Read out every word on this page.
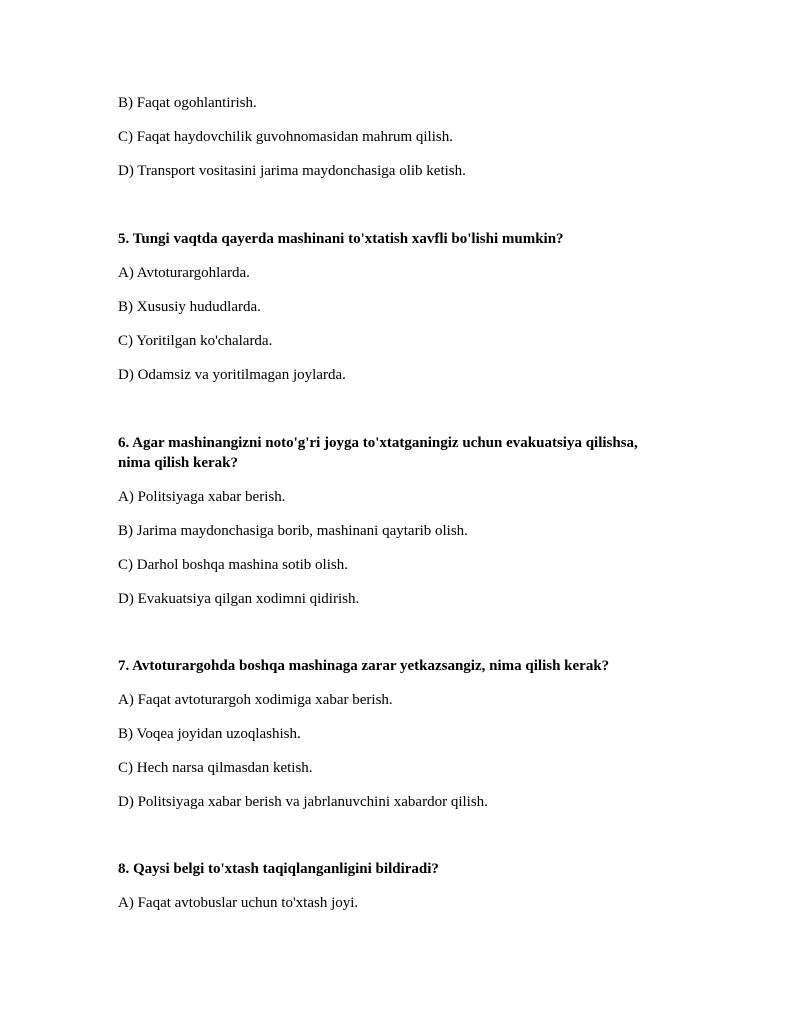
B) Faqat ogohlantirish.
C) Faqat haydovchilik guvohnomasidan mahrum qilish.
D) Transport vositasini jarima maydonchasiga olib ketish.
5. Tungi vaqtda qayerda mashinani to'xtatish xavfli bo'lishi mumkin?
A) Avtoturargohlarda.
B) Xususiy hududlarda.
C) Yoritilgan ko'chalarda.
D) Odamsiz va yoritilmagan joylarda.
6. Agar mashinangizni noto'g'ri joyga to'xtatganingiz uchun evakuatsiya qilishsa,
nima qilish kerak?
A) Politsiyaga xabar berish.
B) Jarima maydonchasiga borib, mashinani qaytarib olish.
C) Darhol boshqa mashina sotib olish.
D) Evakuatsiya qilgan xodimni qidirish.
7. Avtoturargohda boshqa mashinaga zarar yetkazsangiz, nima qilish kerak?
A) Faqat avtoturargoh xodimiga xabar berish.
B) Voqea joyidan uzoqlashish.
C) Hech narsa qilmasdan ketish.
D) Politsiyaga xabar berish va jabrlanuvchini xabardor qilish.
8. Qaysi belgi to'xtash taqiqlanganligini bildiradi?
A) Faqat avtobuslar uchun to'xtash joyi.
